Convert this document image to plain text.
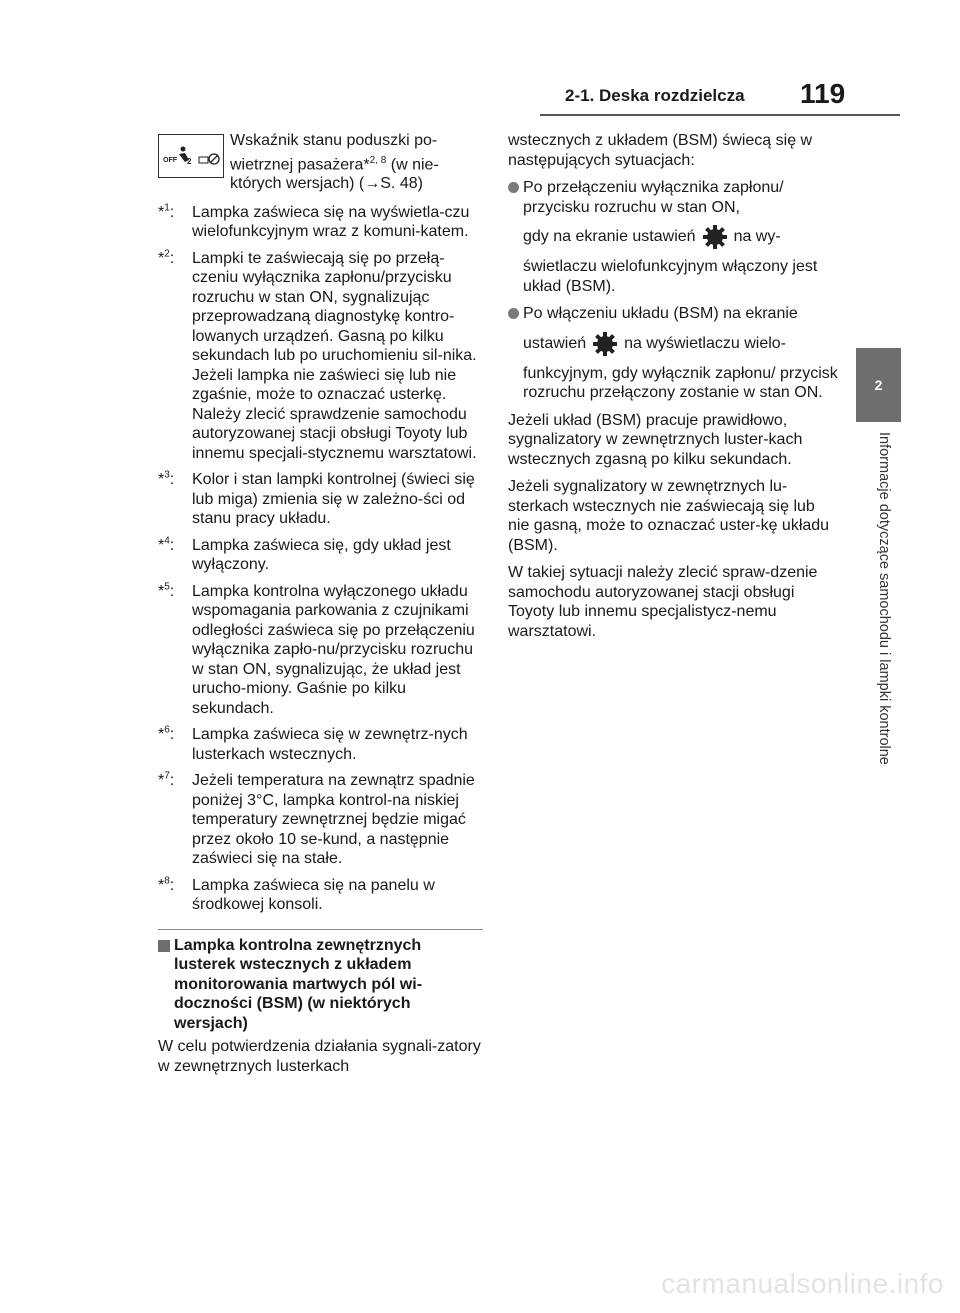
2-1. Deska rozdzielcza 119
2
Informacje dotyczące samochodu i lampki kontrolne
OFF 2

Wskaźnik stanu poduszki po-wietrznej pasażera*$^{2, 8}$ (w nie-których wersjach) (→S. 48)

*$^1$:	Lampka zaświeca się na wyświetla-czu wielofunkcyjnym wraz z komuni-katem.
*$^2$:	Lampki te zaświecają się po przełą-czeniu wyłącznika zapłonu/przycisku rozruchu w stan ON, sygnalizując przeprowadzaną diagnostykę kontro-lowanych urządzeń. Gasną po kilku sekundach lub po uruchomieniu sil-nika. Jeżeli lampka nie zaświeci się lub nie zgaśnie, może to oznaczać usterkę. Należy zlecić sprawdzenie samochodu autoryzowanej stacji obsługi Toyoty lub innemu specjali-stycznemu warsztatowi.
*$^3$:	Kolor i stan lampki kontrolnej (świeci się lub miga) zmienia się w zależno-ści od stanu pracy układu.
*$^4$:	Lampka zaświeca się, gdy układ jest wyłączony.
*$^5$:	Lampka kontrolna wyłączonego układu wspomagania parkowania z czujnikami odległości zaświeca się po przełączeniu wyłącznika zapło-nu/przycisku rozruchu w stan ON, sygnalizując, że układ jest urucho-miony. Gaśnie po kilku sekundach.
*$^6$:	Lampka zaświeca się w zewnętrz-nych lusterkach wstecznych.
*$^7$:	Jeżeli temperatura na zewnątrz spadnie poniżej 3°C, lampka kontrol-na niskiej temperatury zewnętrznej będzie migać przez około 10 se-kund, a następnie zaświeci się na stałe.
*$^8$:	Lampka zaświeca się na panelu w środkowej konsoli.
Lampka kontrolna zewnętrznych lusterek wstecznych z układem monitorowania martwych pól wi-doczności (BSM) (w niektórych wersjach)

W celu potwierdzenia działania sygnali-zatory w zewnętrznych lusterkach

wstecznych z układem (BSM) świecą się w następujących sytuacjach:

Po przełączeniu wyłącznika zapłonu/ przycisku rozruchu w stan ON,
gdy na ekranie ustawień na wy-
świetlaczu wielofunkcyjnym włączony jest układ (BSM).
Po włączeniu układu (BSM) na ekranie
ustawień na wyświetlaczu wielo-
funkcyjnym, gdy wyłącznik zapłonu/ przycisk rozruchu przełączony zostanie w stan ON.

Jeżeli układ (BSM) pracuje prawidłowo, sygnalizatory w zewnętrznych luster-kach wstecznych zgasną po kilku sekundach.

Jeżeli sygnalizatory w zewnętrznych lu-sterkach wstecznych nie zaświecają się lub nie gasną, może to oznaczać uster-kę układu (BSM).

W takiej sytuacji należy zlecić spraw-dzenie samochodu autoryzowanej stacji obsługi Toyoty lub innemu specjalistycz-nemu warsztatowi.

carmanualsonline.info
